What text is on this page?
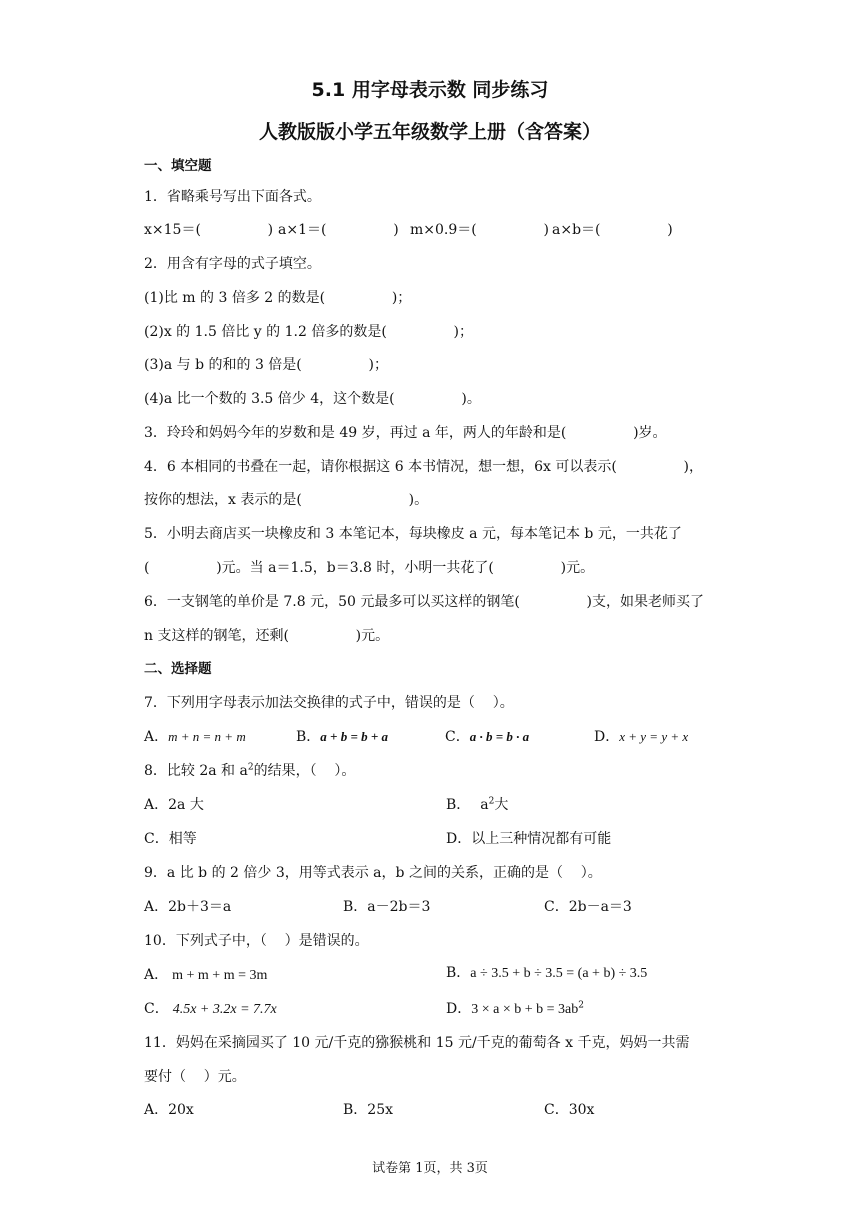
5.1 用字母表示数 同步练习
人教版版小学五年级数学上册（含答案）
一、填空题
1．省略乘号写出下面各式。
x×15＝(               ) a×1＝(               ) m×0.9＝(               ) a×b＝(               )
2．用含有字母的式子填空。
(1)比 m 的 3 倍多 2 的数是(               )；
(2)x 的 1.5 倍比 y 的 1.2 倍多的数是(               )；
(3)a 与 b 的和的 3 倍是(               )；
(4)a 比一个数的 3.5 倍少 4，这个数是(               )。
3．玲玲和妈妈今年的岁数和是 49 岁，再过 a 年，两人的年龄和是(               )岁。
4．6 本相同的书叠在一起，请你根据这 6 本书情况，想一想，6x 可以表示(               )，
按你的想法，x 表示的是(                        )。
5．小明去商店买一块橡皮和 3 本笔记本，每块橡皮 a 元，每本笔记本 b 元，一共花了
(               )元。当 a＝1.5，b＝3.8 时，小明一共花了(               )元。
6．一支钢笔的单价是 7.8 元，50 元最多可以买这样的钢笔(               )支，如果老师买了
n 支这样的钢笔，还剩(               )元。
二、选择题
7．下列用字母表示加法交换律的式子中，错误的是（    ）。
A．m + n = n + m	B．a + b = b + a	C．a · b = b · a	D．x + y = y + x
8．比较 2a 和 $a^2$的结果，（    ）。
A．2a 大	B． $a^2$大
C．相等	D．以上三种情况都有可能
9．a 比 b 的 2 倍少 3，用等式表示 a，b 之间的关系，正确的是（    ）。
A．2b＋3＝a	B．a－2b＝3	C．2b－a＝3
10．下列式子中，（    ）是错误的。
A． m + m + m = 3m	B．a ÷ 3.5 + b ÷ 3.5 = (a + b) ÷ 3.5
C． 4.5x + 3.2x = 7.7x	D．$3 \times a \times b + b = 3ab^2$
11．妈妈在采摘园买了 10 元/千克的猕猴桃和 15 元/千克的葡萄各 x 千克，妈妈一共需
要付（    ）元。
A．20x	B．25x	C．30x
试卷第 1页，共 3页
